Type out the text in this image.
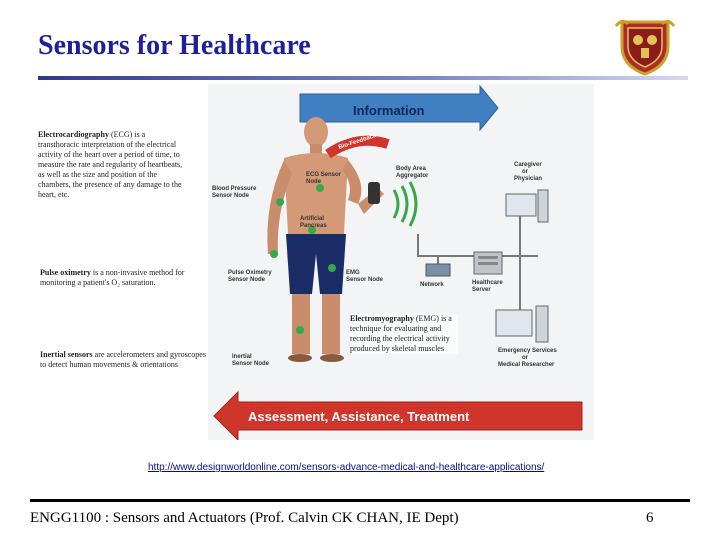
Sensors for Healthcare
Information
Assessment, Assistance, Treatment
Bio-Feedback
Body Area Aggregator
ECG Sensor Node
Blood Pressure Sensor Node
Artificial Pancreas
Pulse Oximetry Sensor Node
EMG Sensor Node
Inertial Sensor Node
Network	Healthcare Server
Caregiver or Physician
Emergency Services or Medical Researcher
Electrocardiography (ECG) is a transthoracic interpretation of the electrical activity of the heart over a period of time, to measure the rate and regularity of heartbeats, as well as the size and position of the chambers, the presence of any damage to the heart, etc.
Pulse oximetry is a non-invasive method for monitoring a patient's O₂ saturation.
Electromyography (EMG) is a technique for evaluating and recording the electrical activity produced by skeletal muscles
Inertial sensors are accelerometers and gyroscopes to detect human movements & orientations
http://www.designworldonline.com/sensors-advance-medical-and-healthcare-applications/
ENGG1100 : Sensors and Actuators (Prof. Calvin CK CHAN, IE Dept)	6
